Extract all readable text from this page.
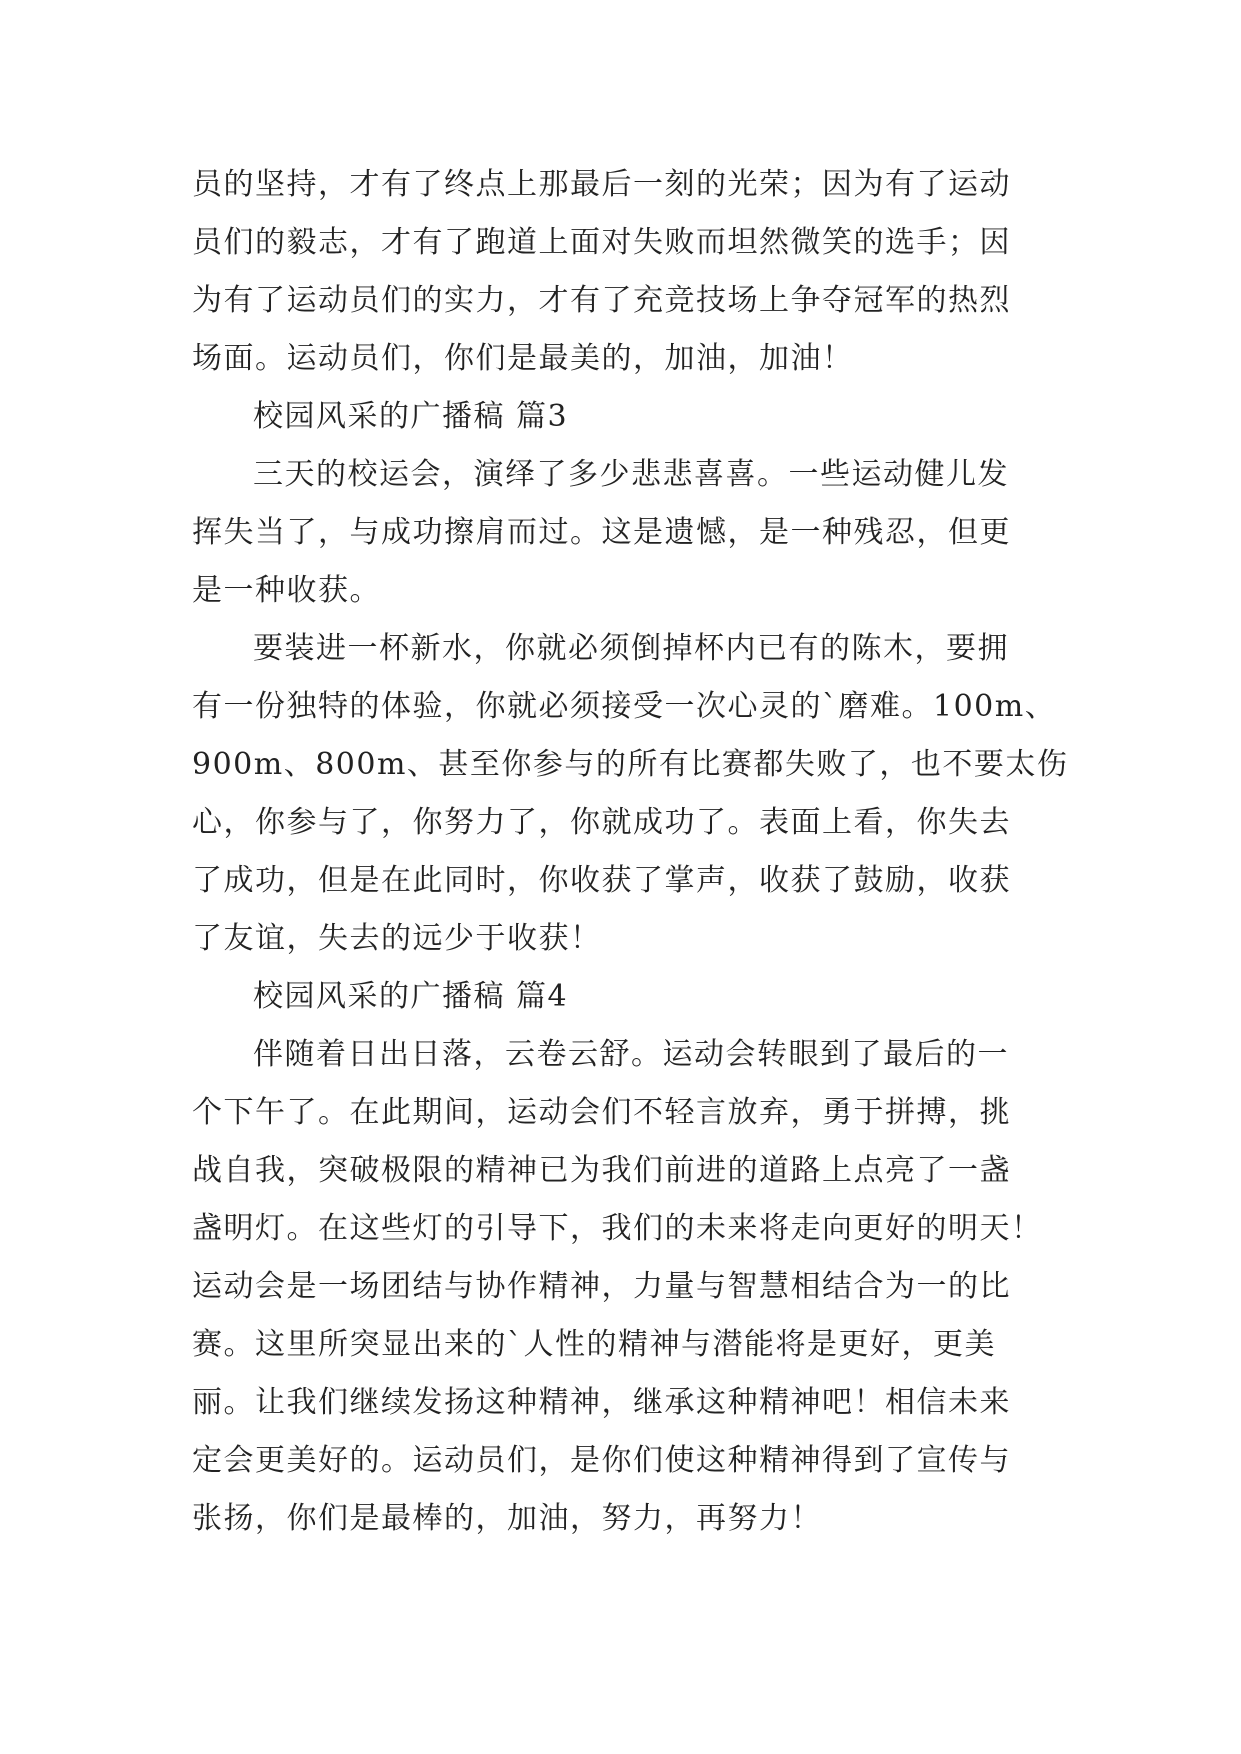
员的坚持，才有了终点上那最后一刻的光荣；因为有了运动
员们的毅志，才有了跑道上面对失败而坦然微笑的选手；因
为有了运动员们的实力，才有了充竞技场上争夺冠军的热烈
场面。运动员们，你们是最美的，加油，加油！
校园风采的广播稿 篇3
三天的校运会，演绎了多少悲悲喜喜。一些运动健儿发
挥失当了，与成功擦肩而过。这是遗憾，是一种残忍，但更
是一种收获。
要装进一杯新水，你就必须倒掉杯内已有的陈木，要拥
有一份独特的体验，你就必须接受一次心灵的`磨难。100m、
900m、800m、甚至你参与的所有比赛都失败了，也不要太伤
心，你参与了，你努力了，你就成功了。表面上看，你失去
了成功，但是在此同时，你收获了掌声，收获了鼓励，收获
了友谊，失去的远少于收获！
校园风采的广播稿 篇4
伴随着日出日落，云卷云舒。运动会转眼到了最后的一
个下午了。在此期间，运动会们不轻言放弃，勇于拼搏，挑
战自我，突破极限的精神已为我们前进的道路上点亮了一盏
盏明灯。在这些灯的引导下，我们的未来将走向更好的明天！
运动会是一场团结与协作精神，力量与智慧相结合为一的比
赛。这里所突显出来的`人性的精神与潜能将是更好，更美
丽。让我们继续发扬这种精神，继承这种精神吧！相信未来
定会更美好的。运动员们，是你们使这种精神得到了宣传与
张扬，你们是最棒的，加油，努力，再努力！
